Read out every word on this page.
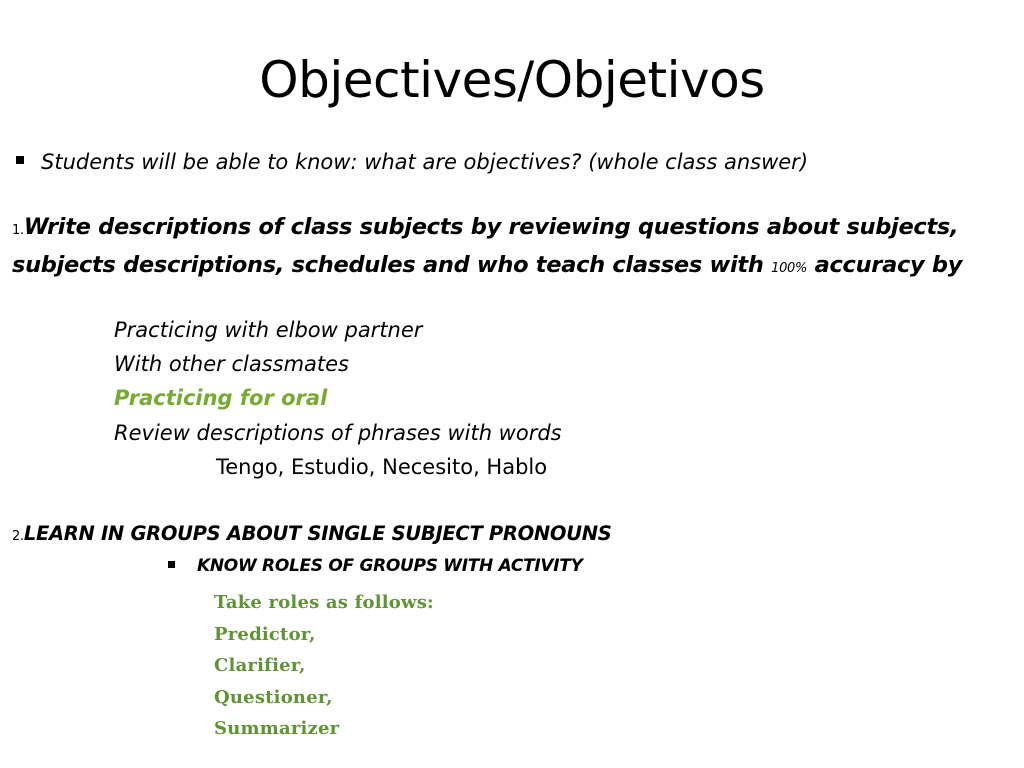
Objectives/Objetivos
Students will be able to know: what are objectives? (whole class answer)
1.Write descriptions of class subjects by reviewing questions about subjects, subjects descriptions, schedules and who teach classes with 100% accuracy by
Practicing with elbow partner
With other classmates
Practicing for oral
Review descriptions of phrases with words
Tengo, Estudio, Necesito, Hablo
2.LEARN IN GROUPS ABOUT SINGLE SUBJECT PRONOUNS
KNOW ROLES OF GROUPS WITH ACTIVITY
Take roles as follows:
Predictor,
Clarifier,
Questioner,
Summarizer
